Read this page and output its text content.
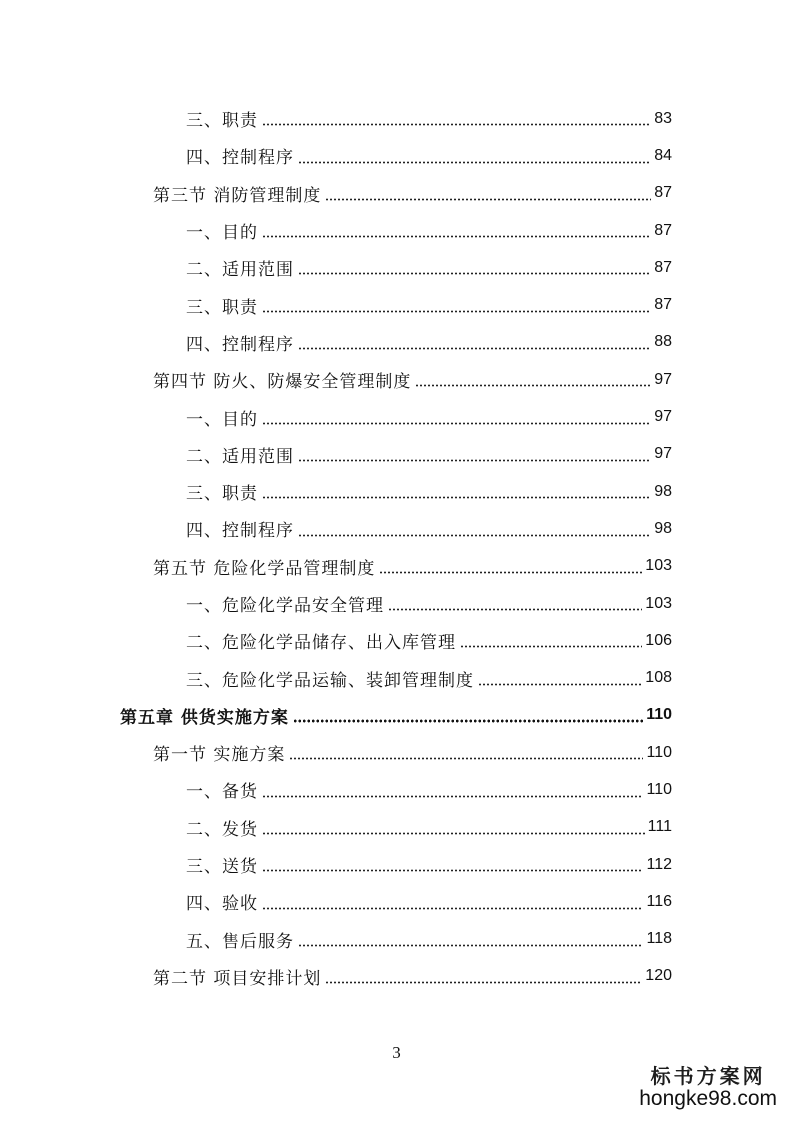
三、职责	83
四、控制程序	84
第三节 消防管理制度	87
一、目的	87
二、适用范围	87
三、职责	87
四、控制程序	88
第四节 防火、防爆安全管理制度	97
一、目的	97
二、适用范围	97
三、职责	98
四、控制程序	98
第五节 危险化学品管理制度	103
一、危险化学品安全管理	103
二、危险化学品储存、出入库管理	106
三、危险化学品运输、装卸管理制度	108
第五章 供货实施方案	110
第一节 实施方案	110
一、备货	110
二、发货	111
三、送货	112
四、验收	116
五、售后服务	118
第二节 项目安排计划	120
3
标书方案网
hongke98.com
